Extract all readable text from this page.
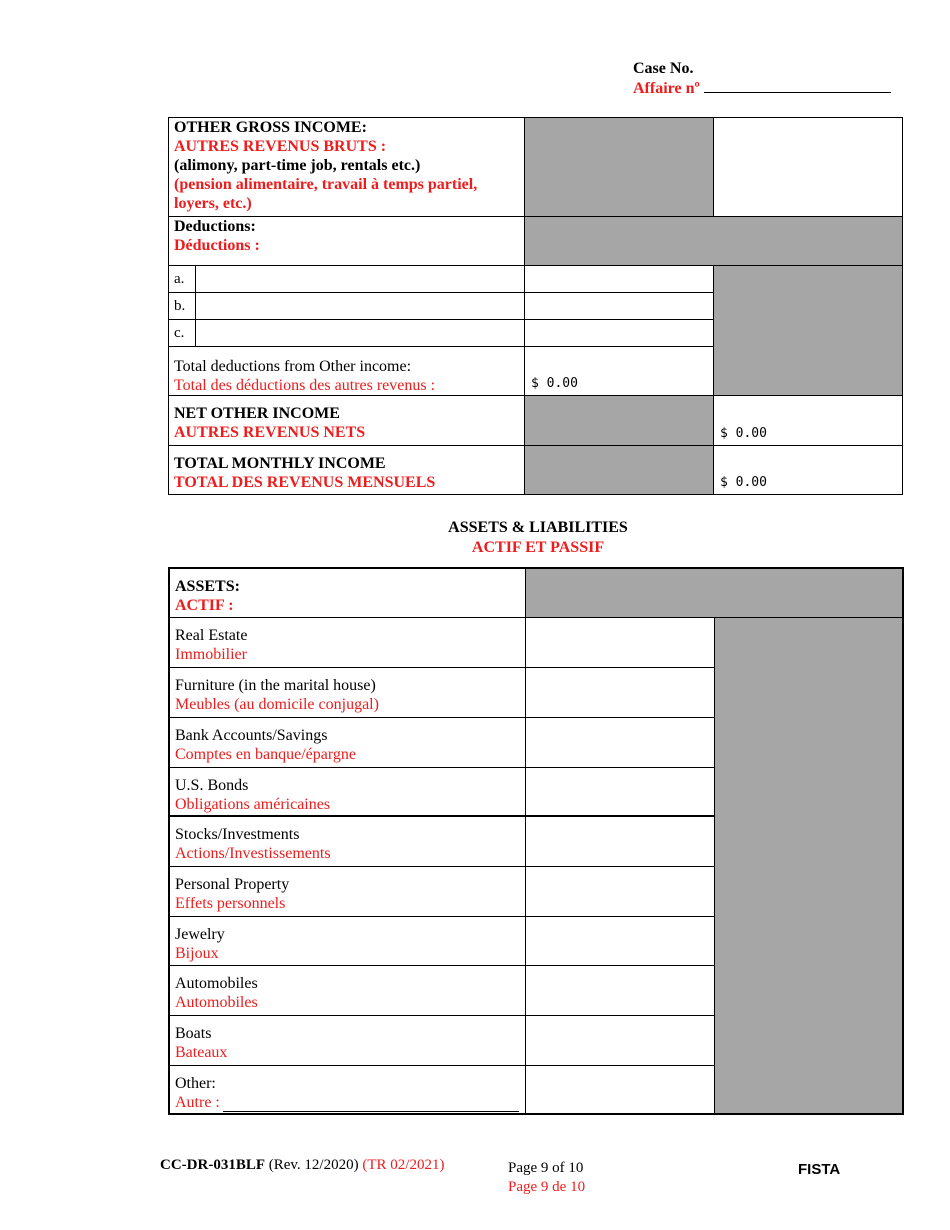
Case No.
Affaire nº
OTHER GROSS INCOME:
AUTRES REVENUS BRUTS :
(alimony, part-time job, rentals etc.)
(pension alimentaire, travail à temps partiel, loyers, etc.)			

Deductions:
Déductions :			

a.			
b.			
c.			

Total deductions from Other income:
Total des déductions des autres revenus :		$ 0.00	

NET OTHER INCOME
AUTRES REVENUS NETS			$ 0.00

TOTAL MONTHLY INCOME
TOTAL DES REVENUS MENSUELS			$ 0.00
ASSETS & LIABILITIES
ACTIF ET PASSIF
ASSETS:
ACTIF :		

Real Estate
Immobilier		

Furniture (in the marital house)
Meubles (au domicile conjugal)		

Bank Accounts/Savings
Comptes en banque/épargne		

U.S. Bonds
Obligations américaines		

Stocks/Investments
Actions/Investissements		

Personal Property
Effets personnels		

Jewelry
Bijoux		

Automobiles
Automobiles		

Boats
Bateaux		

Other:
Autre :		

CC-DR-031BLF (Rev. 12/2020) (TR 02/2021)	Page 9 of 10
Page 9 de 10
FISTA
